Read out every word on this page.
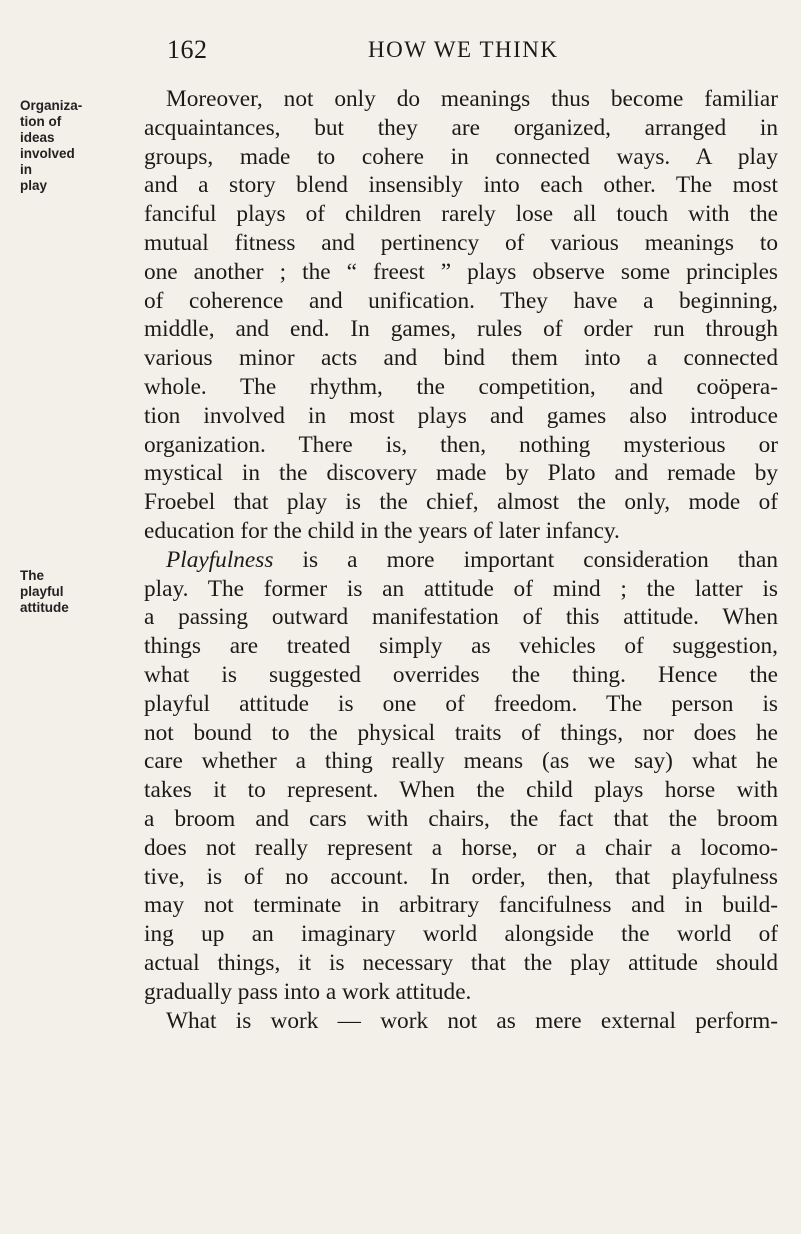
162	HOW WE THINK
Organiza-
tion of ideas
involved in
play
The playful
attitude
Moreover, not only do meanings thus become familiar
acquaintances, but they are organized, arranged in
groups, made to cohere in connected ways. A play
and a story blend insensibly into each other. The most
fanciful plays of children rarely lose all touch with the
mutual fitness and pertinency of various meanings to
one another ; the “ freest ” plays observe some principles
of coherence and unification. They have a beginning,
middle, and end. In games, rules of order run through
various minor acts and bind them into a connected
whole. The rhythm, the competition, and coöpera-
tion involved in most plays and games also introduce
organization. There is, then, nothing mysterious or
mystical in the discovery made by Plato and remade by
Froebel that play is the chief, almost the only, mode of
education for the child in the years of later infancy.
Playfulness is a more important consideration than
play. The former is an attitude of mind ; the latter is
a passing outward manifestation of this attitude. When
things are treated simply as vehicles of suggestion,
what is suggested overrides the thing. Hence the
playful attitude is one of freedom. The person is
not bound to the physical traits of things, nor does he
care whether a thing really means (as we say) what he
takes it to represent. When the child plays horse with
a broom and cars with chairs, the fact that the broom
does not really represent a horse, or a chair a locomo-
tive, is of no account. In order, then, that playfulness
may not terminate in arbitrary fancifulness and in build-
ing up an imaginary world alongside the world of
actual things, it is necessary that the play attitude should
gradually pass into a work attitude.
What is work — work not as mere external perform-
